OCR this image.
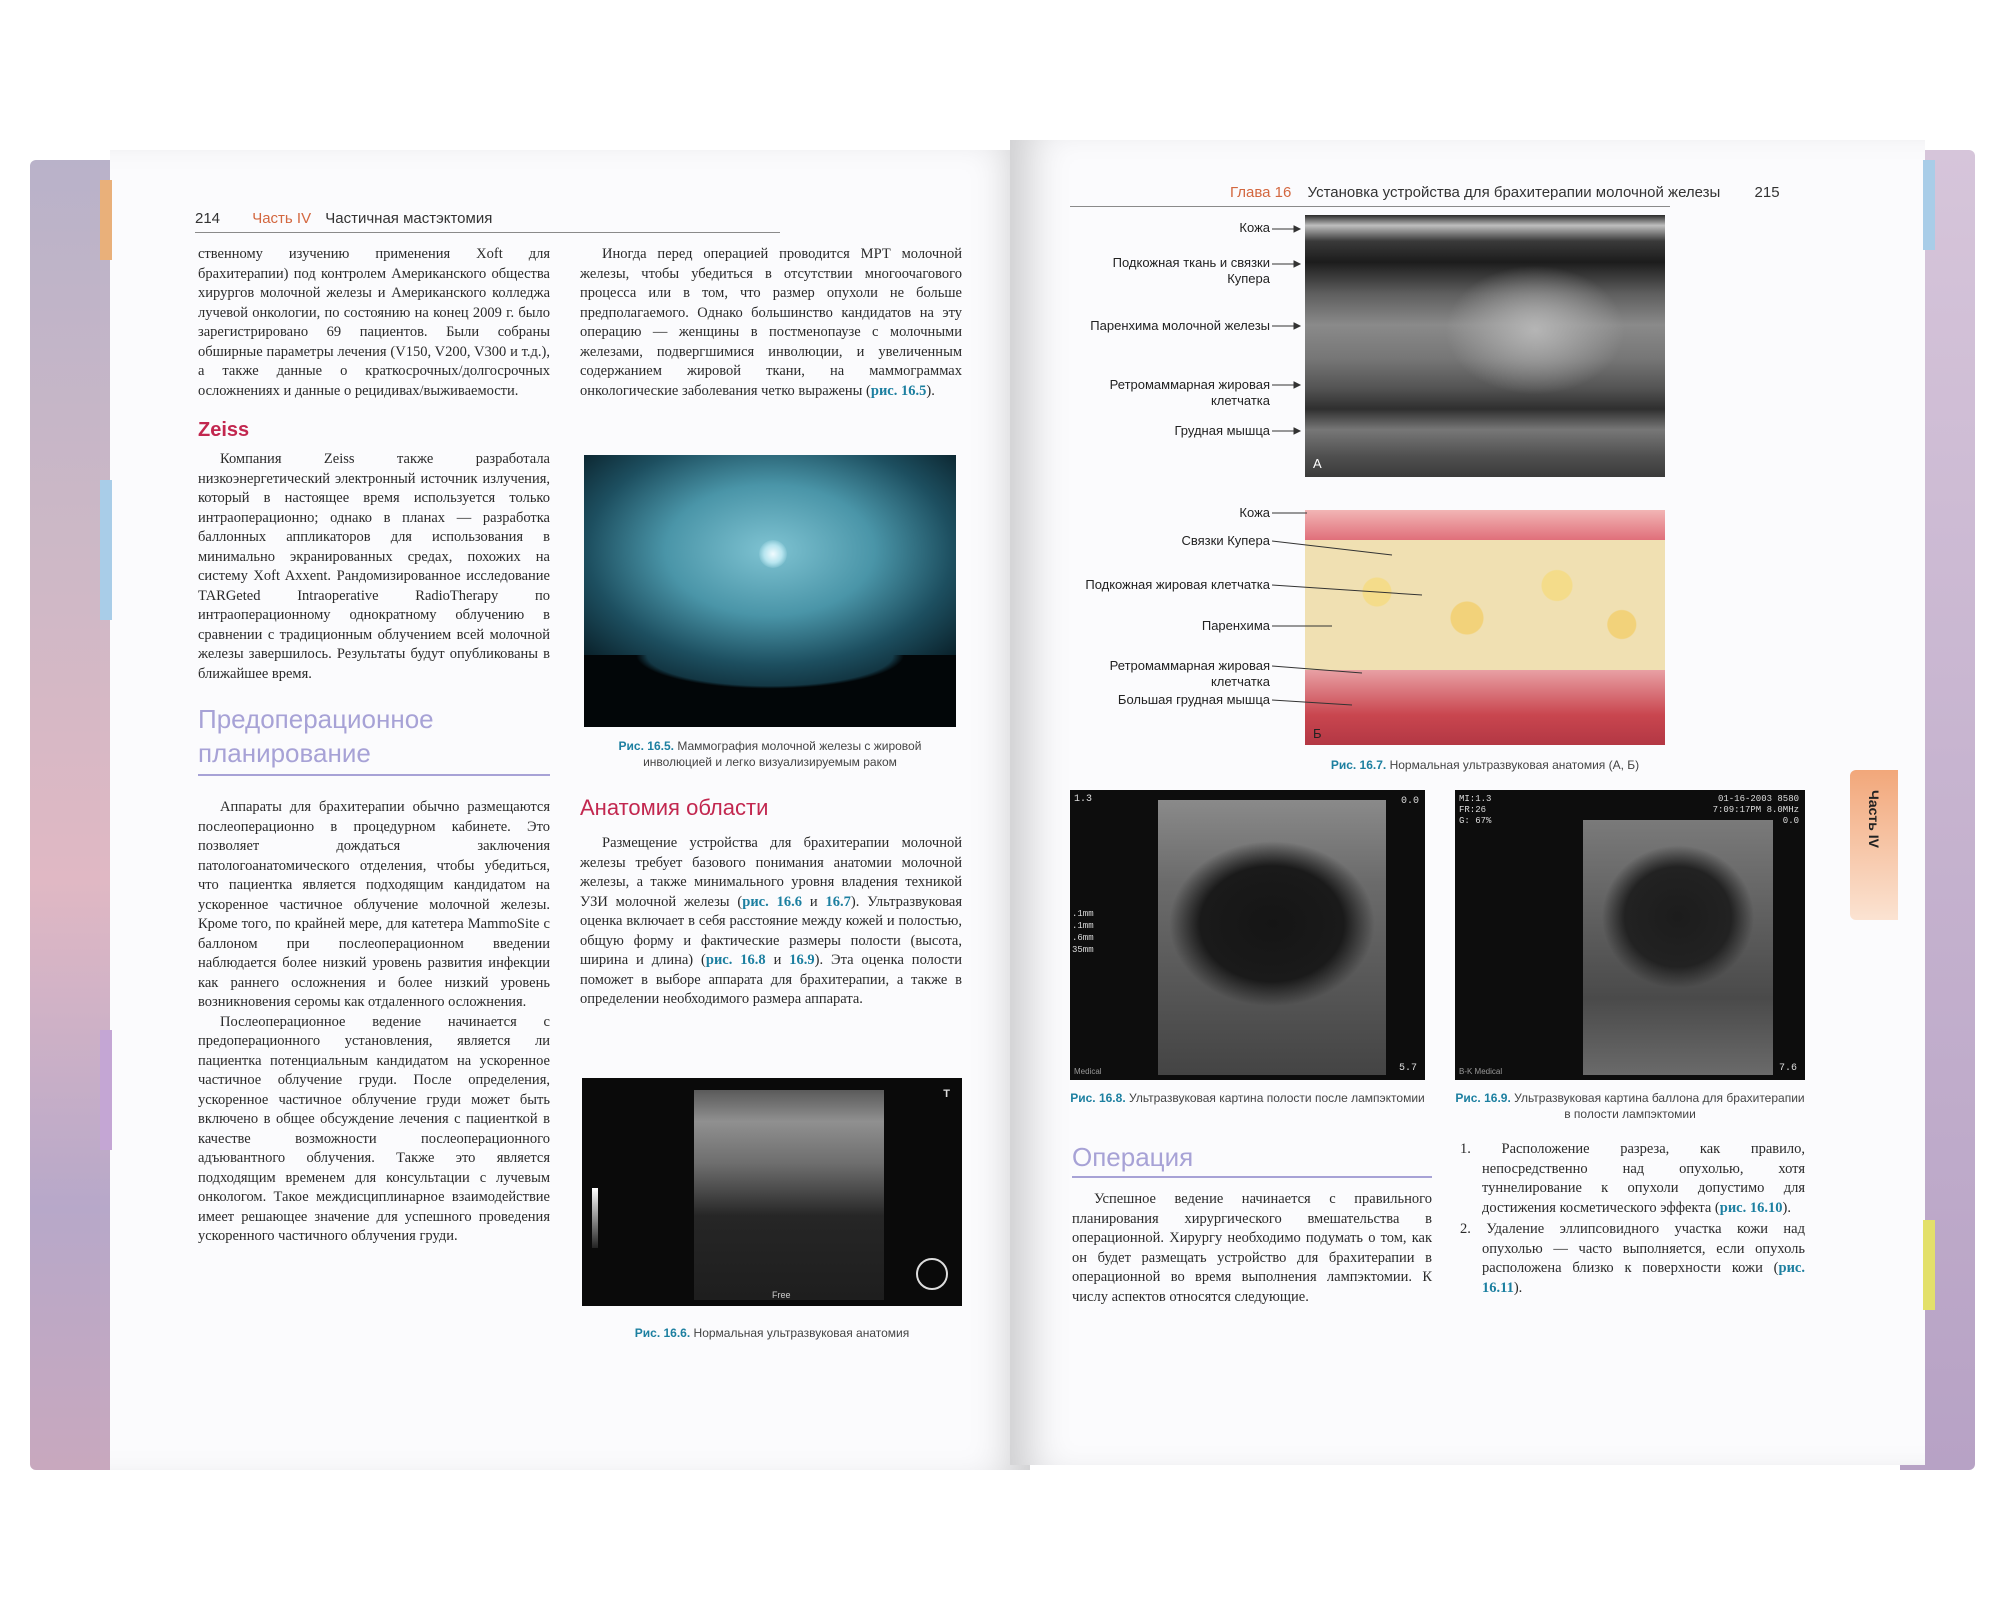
214 Часть IV Частичная мастэктомия

ственному изучению применения Xoft для брахитерапии) под контролем Американского общества хирургов молочной железы и Американского колледжа лучевой онкологии, по состоянию на конец 2009 г. было зарегистрировано 69 пациентов. Были собраны обширные параметры лечения (V150, V200, V300 и т.д.), а также данные о краткосрочных/долгосрочных осложнениях и данные о рецидивах/выживаемости.

Zeiss

Компания Zeiss также разработала низкоэнергетический электронный источник излучения, который в настоящее время используется только интраоперационно; однако в планах — разработка баллонных аппликаторов для использования в минимально экранированных средах, похожих на систему Xoft Axxent. Рандомизированное исследование TARGeted Intraoperative RadioTherapy по интраоперационному однократному облучению в сравнении с традиционным облучением всей молочной железы завершилось. Результаты будут опубликованы в ближайшее время.

Предоперационное
планирование

Аппараты для брахитерапии обычно размещаются послеоперационно в процедурном кабинете. Это позволяет дождаться заключения патологоанатомического отделения, чтобы убедиться, что пациентка является подходящим кандидатом на ускоренное частичное облучение молочной железы. Кроме того, по крайней мере, для катетера MammoSite с баллоном при послеоперационном введении наблюдается более низкий уровень развития инфекции как раннего осложнения и более низкий уровень возникновения серомы как отдаленного осложнения.

Послеоперационное ведение начинается с предоперационного установления, является ли пациентка потенциальным кандидатом на ускоренное частичное облучение груди. После определения, ускоренное частичное облучение груди может быть включено в общее обсуждение лечения с пациенткой в качестве возможности послеоперационного адъювантного облучения. Также это является подходящим временем для консультации с лучевым онкологом. Такое междисциплинарное взаимодействие имеет решающее значение для успешного проведения ускоренного частичного облучения груди.

Иногда перед операцией проводится МРТ молочной железы, чтобы убедиться в отсутствии многоочагового процесса или в том, что размер опухоли не больше предполагаемого. Однако большинство кандидатов на эту операцию — женщины в постменопаузе с молочными железами, подвергшимися инволюции, и увеличенным содержанием жировой ткани, на маммограммах онкологические заболевания четко выражены (рис. 16.5).

Рис. 16.5. Маммография молочной железы с жировой инволюцией и легко визуализируемым раком
Анатомия области

Размещение устройства для брахитерапии молочной железы требует базового понимания анатомии молочной железы, а также минимального уровня владения техникой УЗИ молочной железы (рис. 16.6 и 16.7). Ультразвуковая оценка включает в себя расстояние между кожей и полостью, общую форму и фактические размеры полости (высота, ширина и длина) (рис. 16.8 и 16.9). Эта оценка полости поможет в выборе аппарата для брахитерапии, а также в определении необходимого размера аппарата.

T
Free
Рис. 16.6. Нормальная ультразвуковая анатомия
Глава 16 Установка устройства для брахитерапии молочной железы 215
Кожа
Подкожная ткань и связки Купера
Паренхима молочной железы
Ретромаммарная жировая клетчатка
Грудная мышца
А
Кожа
Связки Купера
Подкожная жировая клетчатка
Паренхима
Ретромаммарная жировая клетчатка
Большая грудная мышца
Б
Рис. 16.7. Нормальная ультразвуковая анатомия (А, Б)
1.3	0.0
.1mm
.1mm
.6mm
35mm
5.7
Medical
Рис. 16.8. Ультразвуковая картина полости после лампэктомии
MI:1.3
FR:26
G: 67%
01-16-2003 8580
7:09:17PM 8.0MHz
0.0
7.6
B-K Medical
Рис. 16.9. Ультразвуковая картина баллона для брахитерапии в полости лампэктомии
Операция

Успешное ведение начинается с правильного планирования хирургического вмешательства в операционной. Хирургу необходимо подумать о том, как он будет размещать устройство для брахитерапии в операционной во время выполнения лампэктомии. К числу аспектов относятся следующие.

1. Расположение разреза, как правило, непосредственно над опухолью, хотя туннелирование к опухоли допустимо для достижения косметического эффекта (рис. 16.10).
2. Удаление эллипсовидного участка кожи над опухолью — часто выполняется, если опухоль расположена близко к поверхности кожи (рис. 16.11).
Часть IV
